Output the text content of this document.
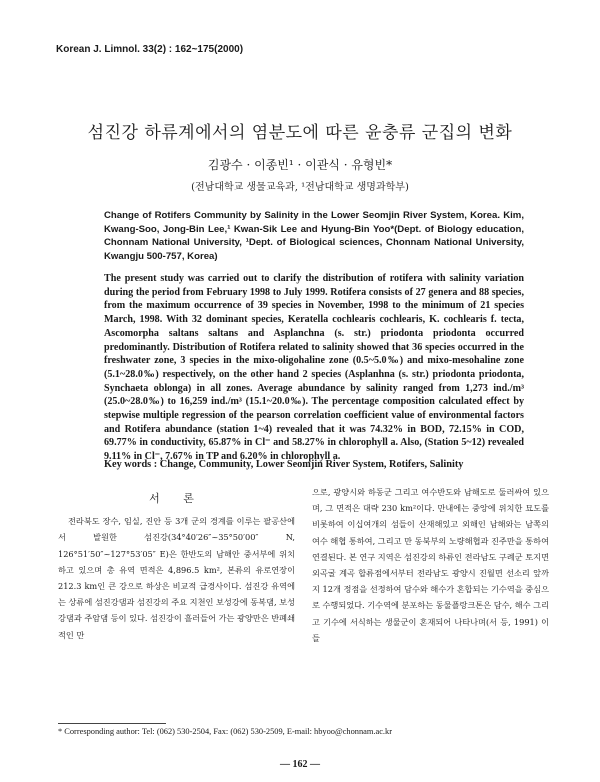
Korean J. Limnol. 33(2) : 162~175(2000)
섬진강 하류계에서의 염분도에 따른 윤충류 군집의 변화
김광수 · 이종빈¹ · 이관식 · 유형빈*
(전남대학교 생물교육과, ¹전남대학교 생명과학부)
Change of Rotifers Community by Salinity in the Lower Seomjin River System, Korea. Kim, Kwang-Soo, Jong-Bin Lee,¹ Kwan-Sik Lee and Hyung-Bin Yoo*(Dept. of Biology education, Chonnam National University, ¹Dept. of Biological sciences, Chonnam National University, Kwangju 500-757, Korea)
The present study was carried out to clarify the distribution of rotifera with salinity variation during the period from February 1998 to July 1999. Rotifera consists of 27 genera and 88 species, from the maximum occurrence of 39 species in November, 1998 to the minimum of 21 species March, 1998. With 32 dominant species, Keratella cochlearis cochlearis, K. cochlearis f. tecta, Ascomorpha saltans saltans and Asplanchna (s. str.) priodonta priodonta occurred predominantly. Distribution of Rotifera related to salinity showed that 36 species occurred in the freshwater zone, 3 species in the mixo-oligohaline zone (0.5~5.0‰) and mixo-mesohaline zone (5.1~28.0‰) respectively, on the other hand 2 species (Asplanhna (s. str.) priodonta priodonta, Synchaeta oblonga) in all zones. Average abundance by salinity ranged from 1,273 ind./m³ (25.0~28.0‰) to 16,259 ind./m³ (15.1~20.0‰). The percentage composition calculated effect by stepwise multiple regression of the pearson correlation coefficient value of environmental factors and Rotifera abundance (station 1~4) revealed that it was 74.32% in BOD, 72.15% in COD, 69.77% in conductivity, 65.87% in Cl⁻ and 58.27% in chlorophyll a. Also, (Station 5~12) revealed 9.11% in Cl⁻, 7.67% in TP and 6.20% in chlorophyll a.
Key words : Change, Community, Lower Seomjin River System, Rotifers, Salinity
서 론
전라북도 장수, 임실, 진안 등 3개 군의 경계를 이루는 팔공산에서 발원한 섬진강(34°40′26″~35°50′00″ N, 126°51′50″~127°53′05″ E)은 한반도의 남해안 중서부에 위치하고 있으며 총 유역 면적은 4,896.5 km², 본류의 유로연장이 212.3 km인 큰 강으로 하상은 비교적 급경사이다. 섬진강 유역에는 상류에 섬진강댐과 섬진강의 주요 지천인 보성강에 동복댐, 보성강댐과 주암댐 등이 있다. 섬진강이 흘러들어 가는 광양만은 반폐쇄적인 만
으로, 광양시와 하동군 그리고 여수반도와 남해도로 둘러싸여 있으며, 그 면적은 대략 230 km²이다. 만내에는 중앙에 위치한 묘도를 비롯하여 이십여개의 섬들이 산재해있고 외해인 남해와는 남쪽의 여수 해협 통하여, 그리고 만 동북부의 노량해협과 진주만을 통하여 연결된다. 본 연구 지역은 섬진강의 하류인 전라남도 구례군 토지면 외곡굴 계곡 합류점에서부터 전라남도 광양시 진월면 선소리 앞까지 12개 정점을 선정하여 담수와 해수가 혼합되는 기수역을 중심으로 수행되었다. 기수역에 분포하는 동물플랑크톤은 담수, 해수 그리고 기수에 서식하는 생물군이 혼재되어 나타나며(서 등, 1991) 이들
* Corresponding author: Tel: (062) 530-2504, Fax: (062) 530-2509, E-mail: hbyoo@chonnam.ac.kr
— 162 —
